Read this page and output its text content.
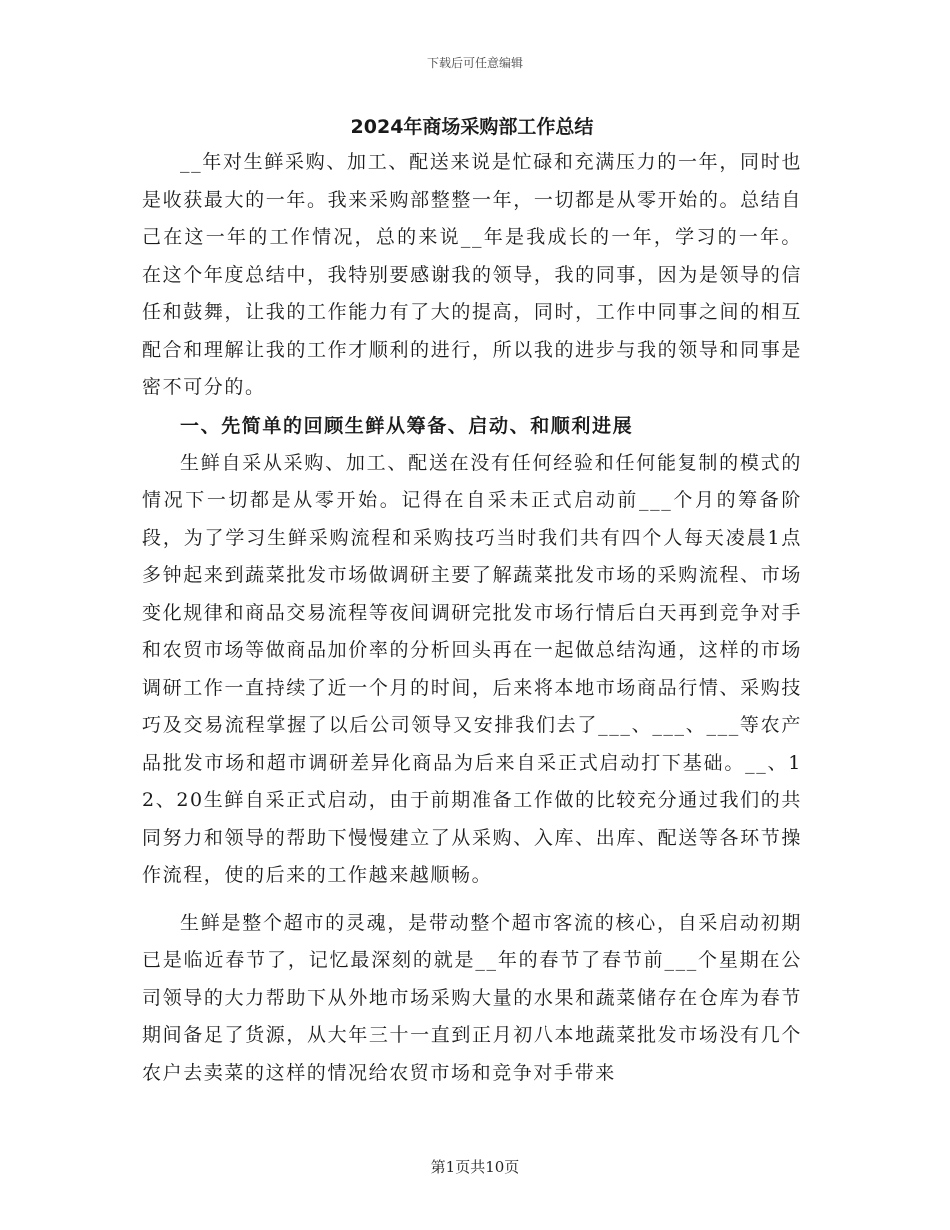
下载后可任意编辑
2024年商场采购部工作总结

__年对生鲜采购、加工、配送来说是忙碌和充满压力的一年，同时也是收获最大的一年。我来采购部整整一年，一切都是从零开始的。总结自己在这一年的工作情况，总的来说__年是我成长的一年，学习的一年。在这个年度总结中，我特别要感谢我的领导，我的同事，因为是领导的信任和鼓舞，让我的工作能力有了大的提高，同时，工作中同事之间的相互配合和理解让我的工作才顺利的进行，所以我的进步与我的领导和同事是密不可分的。

一、先简单的回顾生鲜从筹备、启动、和顺利进展

生鲜自采从采购、加工、配送在没有任何经验和任何能复制的模式的情况下一切都是从零开始。记得在自采未正式启动前___个月的筹备阶段，为了学习生鲜采购流程和采购技巧当时我们共有四个人每天凌晨1点多钟起来到蔬菜批发市场做调研主要了解蔬菜批发市场的采购流程、市场变化规律和商品交易流程等夜间调研完批发市场行情后白天再到竞争对手和农贸市场等做商品加价率的分析回头再在一起做总结沟通，这样的市场调研工作一直持续了近一个月的时间，后来将本地市场商品行情、采购技巧及交易流程掌握了以后公司领导又安排我们去了___、___、___等农产品批发市场和超市调研差异化商品为后来自采正式启动打下基础。__、12、20生鲜自采正式启动，由于前期准备工作做的比较充分通过我们的共同努力和领导的帮助下慢慢建立了从采购、入库、出库、配送等各环节操作流程，使的后来的工作越来越顺畅。

生鲜是整个超市的灵魂，是带动整个超市客流的核心，自采启动初期已是临近春节了，记忆最深刻的就是__年的春节了春节前___个星期在公司领导的大力帮助下从外地市场采购大量的水果和蔬菜储存在仓库为春节期间备足了货源，从大年三十一直到正月初八本地蔬菜批发市场没有几个农户去卖菜的这样的情况给农贸市场和竞争对手带来

第1页共10页
